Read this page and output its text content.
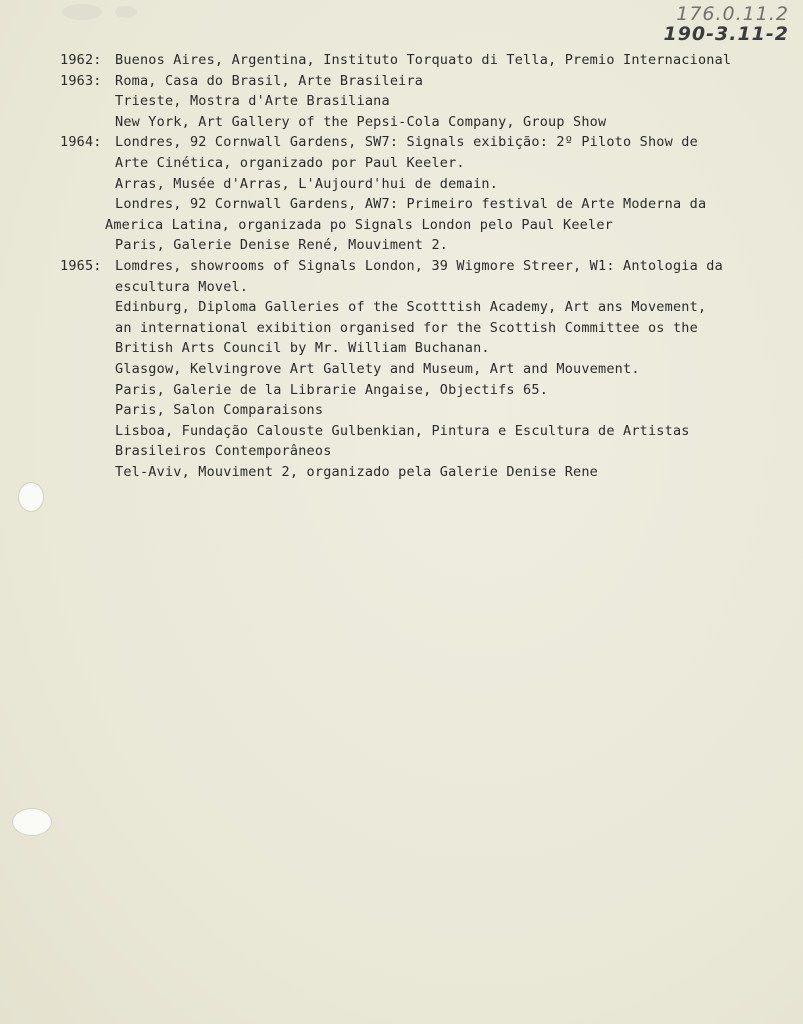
176.0.11.2
190-3.11-2
1962: Buenos Aires, Argentina, Instituto Torquato di Tella, Premio Internacional
1963: Roma, Casa do Brasil, Arte Brasileira
Trieste, Mostra d'Arte Brasiliana
New York, Art Gallery of the Pepsi-Cola Company, Group Show
1964: Londres, 92 Cornwall Gardens, SW7: Signals exibição: 2º Piloto Show de
Arte Cinética, organizado por Paul Keeler.
Arras, Musée d'Arras, L'Aujourd'hui de demain.
Londres, 92 Cornwall Gardens, AW7: Primeiro festival de Arte Moderna da
America Latina, organizada po Signals London pelo Paul Keeler
Paris, Galerie Denise René, Mouviment 2.
1965: Lomdres, showrooms of Signals London, 39 Wigmore Streer, W1: Antologia da
escultura Movel.
Edinburg, Diploma Galleries of the Scotttish Academy, Art ans Movement,
an international exibition organised for the Scottish Committee os the
British Arts Council by Mr. William Buchanan.
Glasgow, Kelvingrove Art Gallety and Museum, Art and Mouvement.
Paris, Galerie de la Librarie Angaise, Objectifs 65.
Paris, Salon Comparaisons
Lisboa, Fundação Calouste Gulbenkian, Pintura e Escultura de Artistas
Brasileiros Contemporâneos
Tel-Aviv, Mouviment 2, organizado pela Galerie Denise Rene
